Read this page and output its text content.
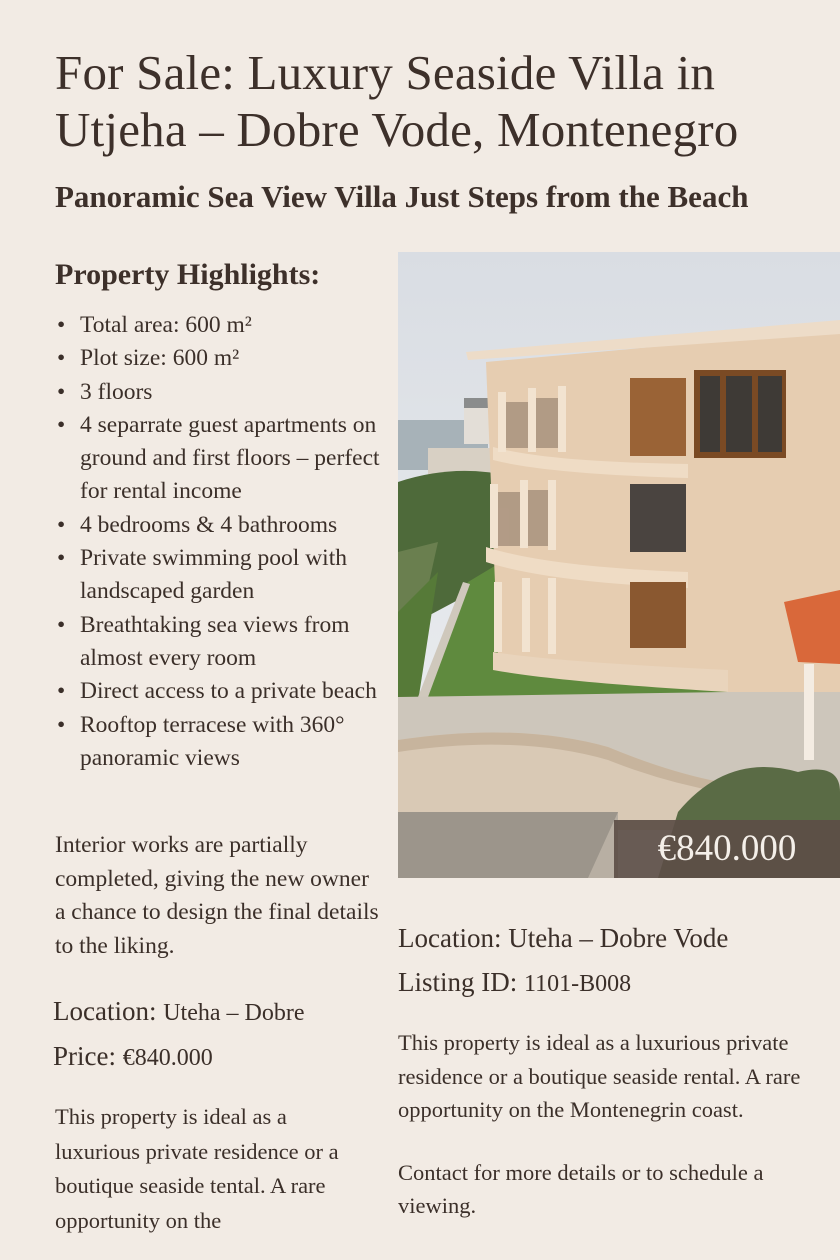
For Sale: Luxury Seaside Villa in Utjeha – Dobre Vode, Montenegro
Panoramic Sea View Villa Just Steps from the Beach
Property Highlights:
• Total area: 600 m²
• Plot size: 600 m²
• 3 floors
• 4 separrate guest apartments on ground and first floors – perfect for rental income
• 4 bedrooms & 4 bathrooms
• Private swimming pool with landscaped garden
• Breathtaking sea views from almost every room
• Direct access to a private beach
• Rooftop terracese with 360° panoramic views

Interior works are partially completed, giving the new owner a chance to design the final details to the liking.

Location: Uteha – Dobre
Price: €840.000

This property is ideal as a luxurious private residence or a boutique seaside tental. A rare opportunity on the

€840.000
Location: Uteha – Dobre Vode
Listing ID: 1101-B008

This property is ideal as a luxurious private residence or a boutique seaside rental. A rare opportunity on the Montenegrin coast.

Contact for more details or to schedule a viewing.
